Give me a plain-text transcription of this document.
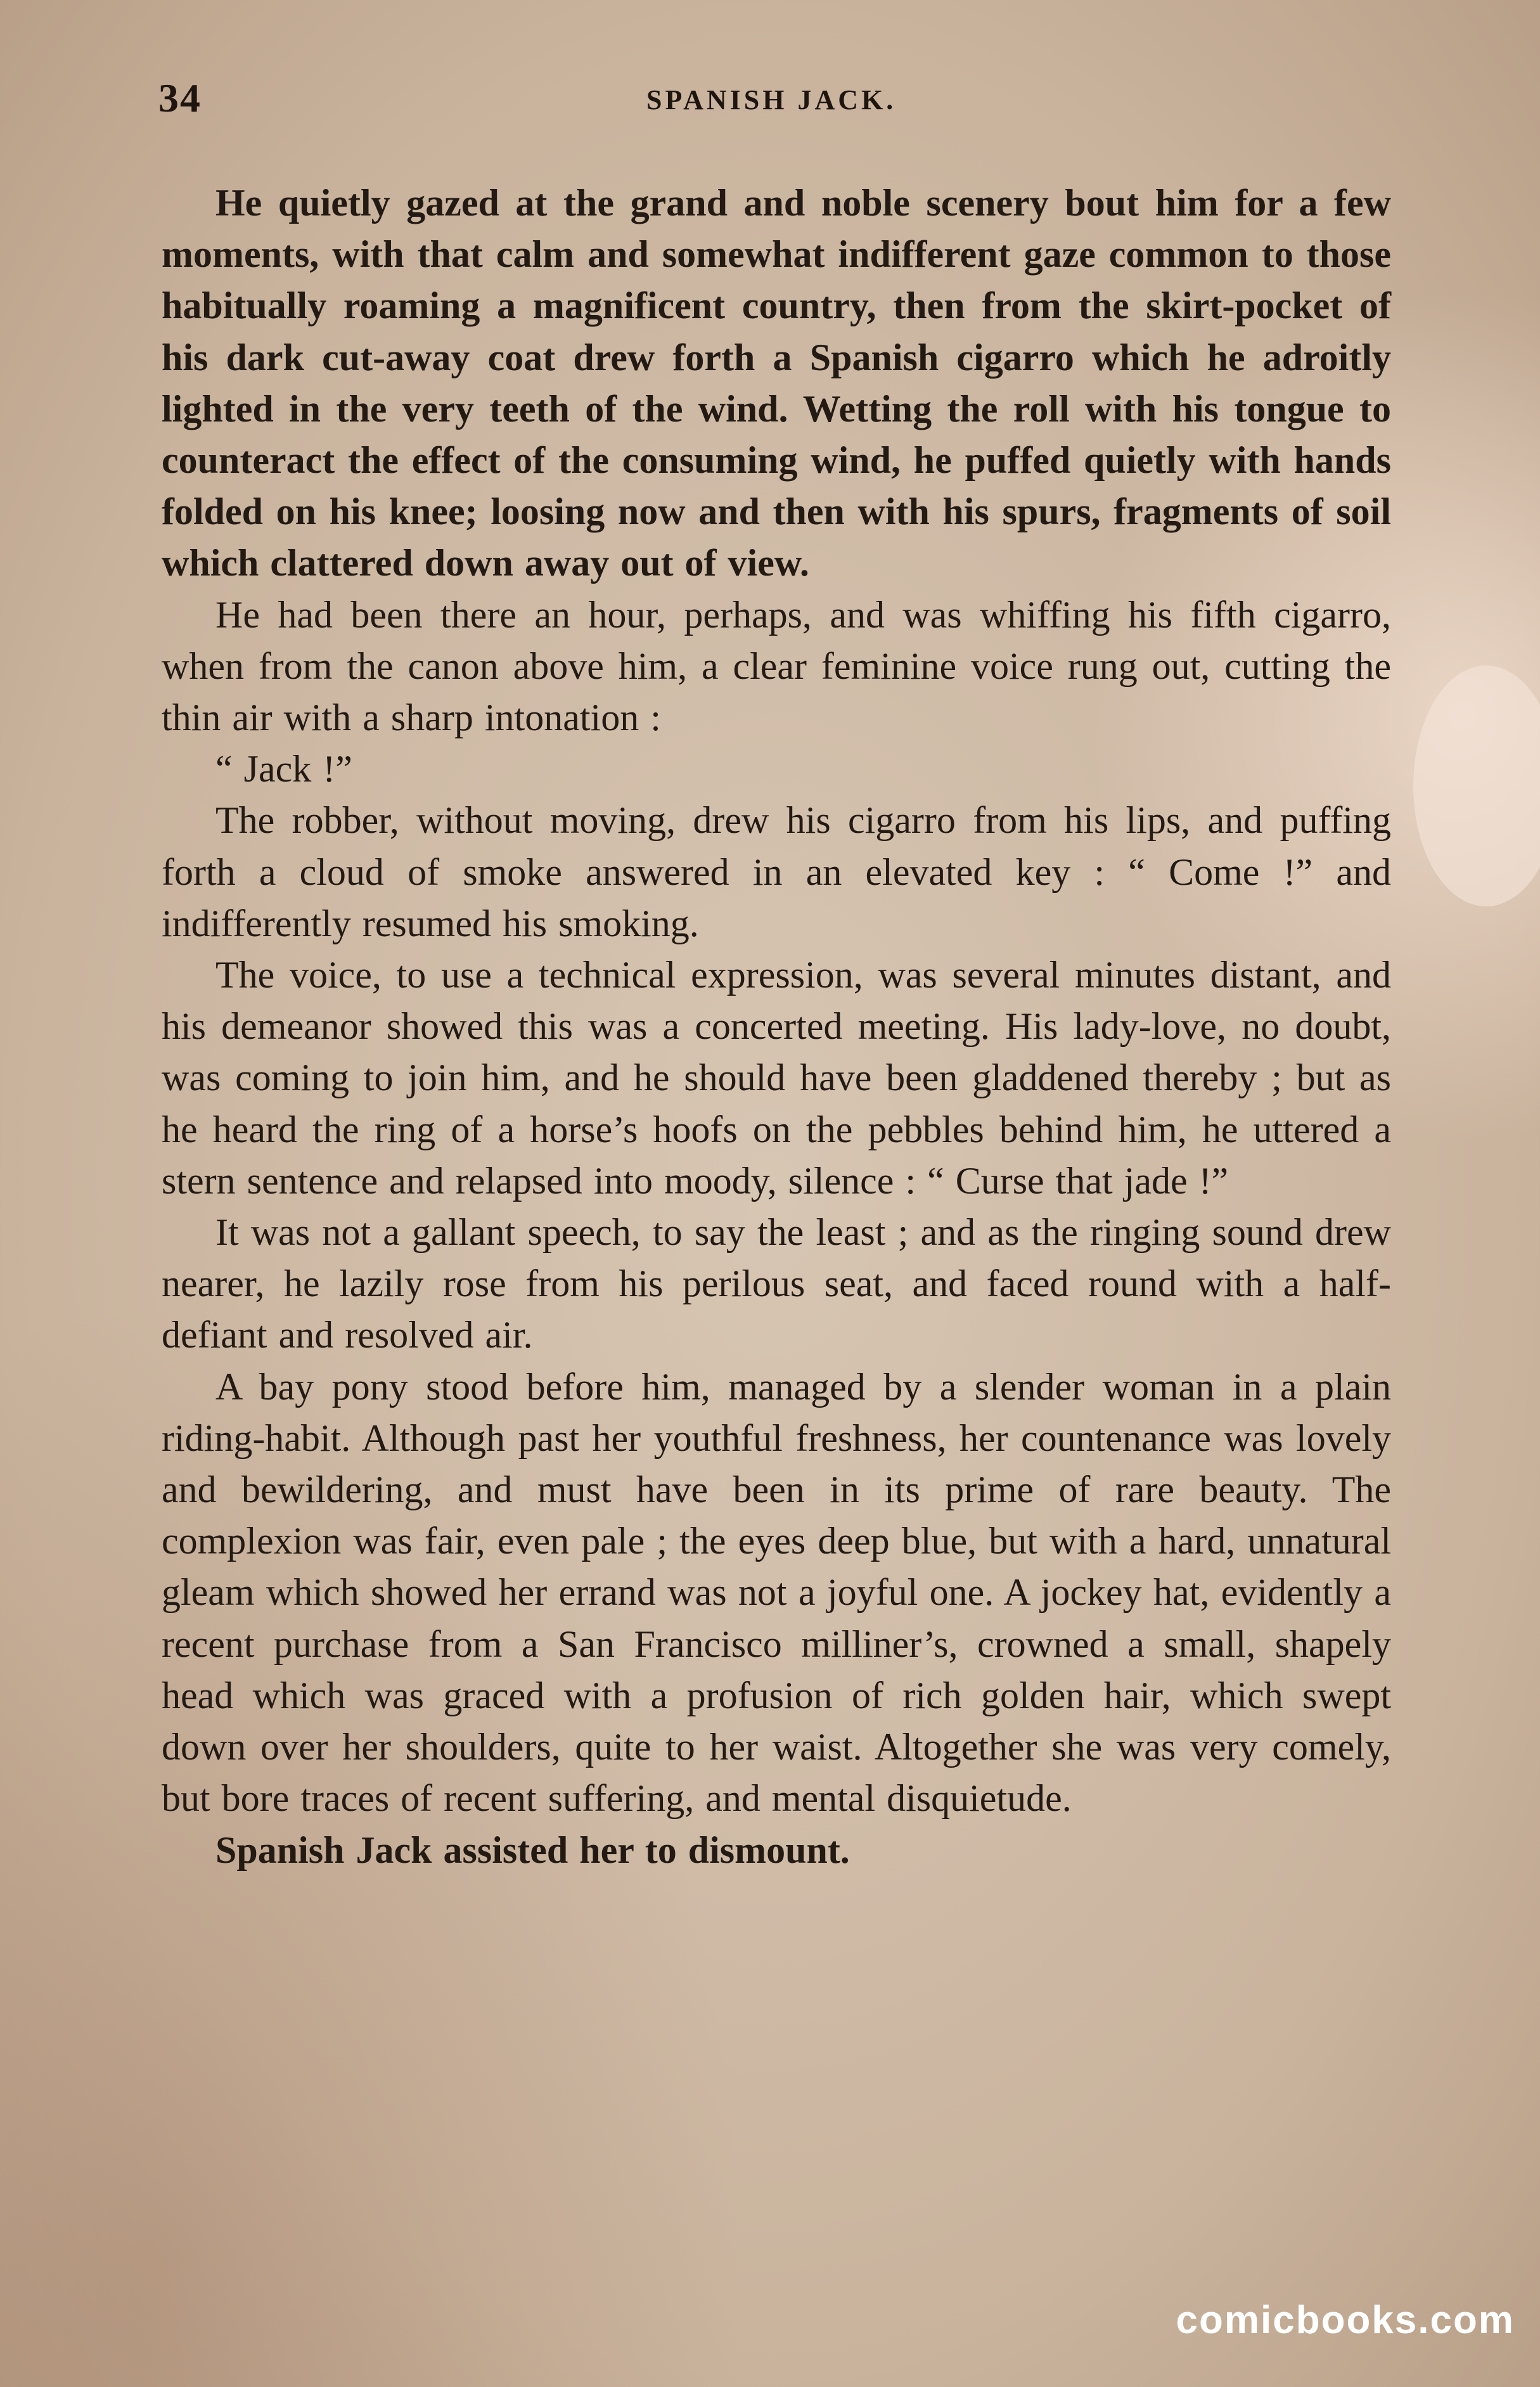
34	SPANISH JACK.

He quietly gazed at the grand and noble scenery bout him for a few moments, with that calm and somewhat indifferent gaze common to those habitually roaming a magnificent country, then from the skirt-pocket of his dark cut-away coat drew forth a Spanish cigarro which he adroitly lighted in the very teeth of the wind. Wetting the roll with his tongue to counteract the effect of the consuming wind, he puffed quietly with hands folded on his knee; loosing now and then with his spurs, fragments of soil which clattered down away out of view.

He had been there an hour, perhaps, and was whiffing his fifth cigarro, when from the canon above him, a clear feminine voice rung out, cutting the thin air with a sharp intonation :

“ Jack !”

The robber, without moving, drew his cigarro from his lips, and puffing forth a cloud of smoke answered in an elevated key : “ Come !” and indifferently resumed his smoking.

The voice, to use a technical expression, was several minutes distant, and his demeanor showed this was a concerted meeting. His lady-love, no doubt, was coming to join him, and he should have been gladdened thereby ; but as he heard the ring of a horse’s hoofs on the pebbles behind him, he uttered a stern sentence and relapsed into moody, silence : “ Curse that jade !”

It was not a gallant speech, to say the least ; and as the ringing sound drew nearer, he lazily rose from his perilous seat, and faced round with a half-defiant and resolved air.

A bay pony stood before him, managed by a slender woman in a plain riding-habit. Although past her youthful freshness, her countenance was lovely and bewildering, and must have been in its prime of rare beauty. The complexion was fair, even pale ; the eyes deep blue, but with a hard, unnatural gleam which showed her errand was not a joyful one. A jockey hat, evidently a recent purchase from a San Francisco milliner’s, crowned a small, shapely head which was graced with a profusion of rich golden hair, which swept down over her shoulders, quite to her waist. Altogether she was very comely, but bore traces of recent suffering, and mental disquietude.

Spanish Jack assisted her to dismount.

comicbooks.com
